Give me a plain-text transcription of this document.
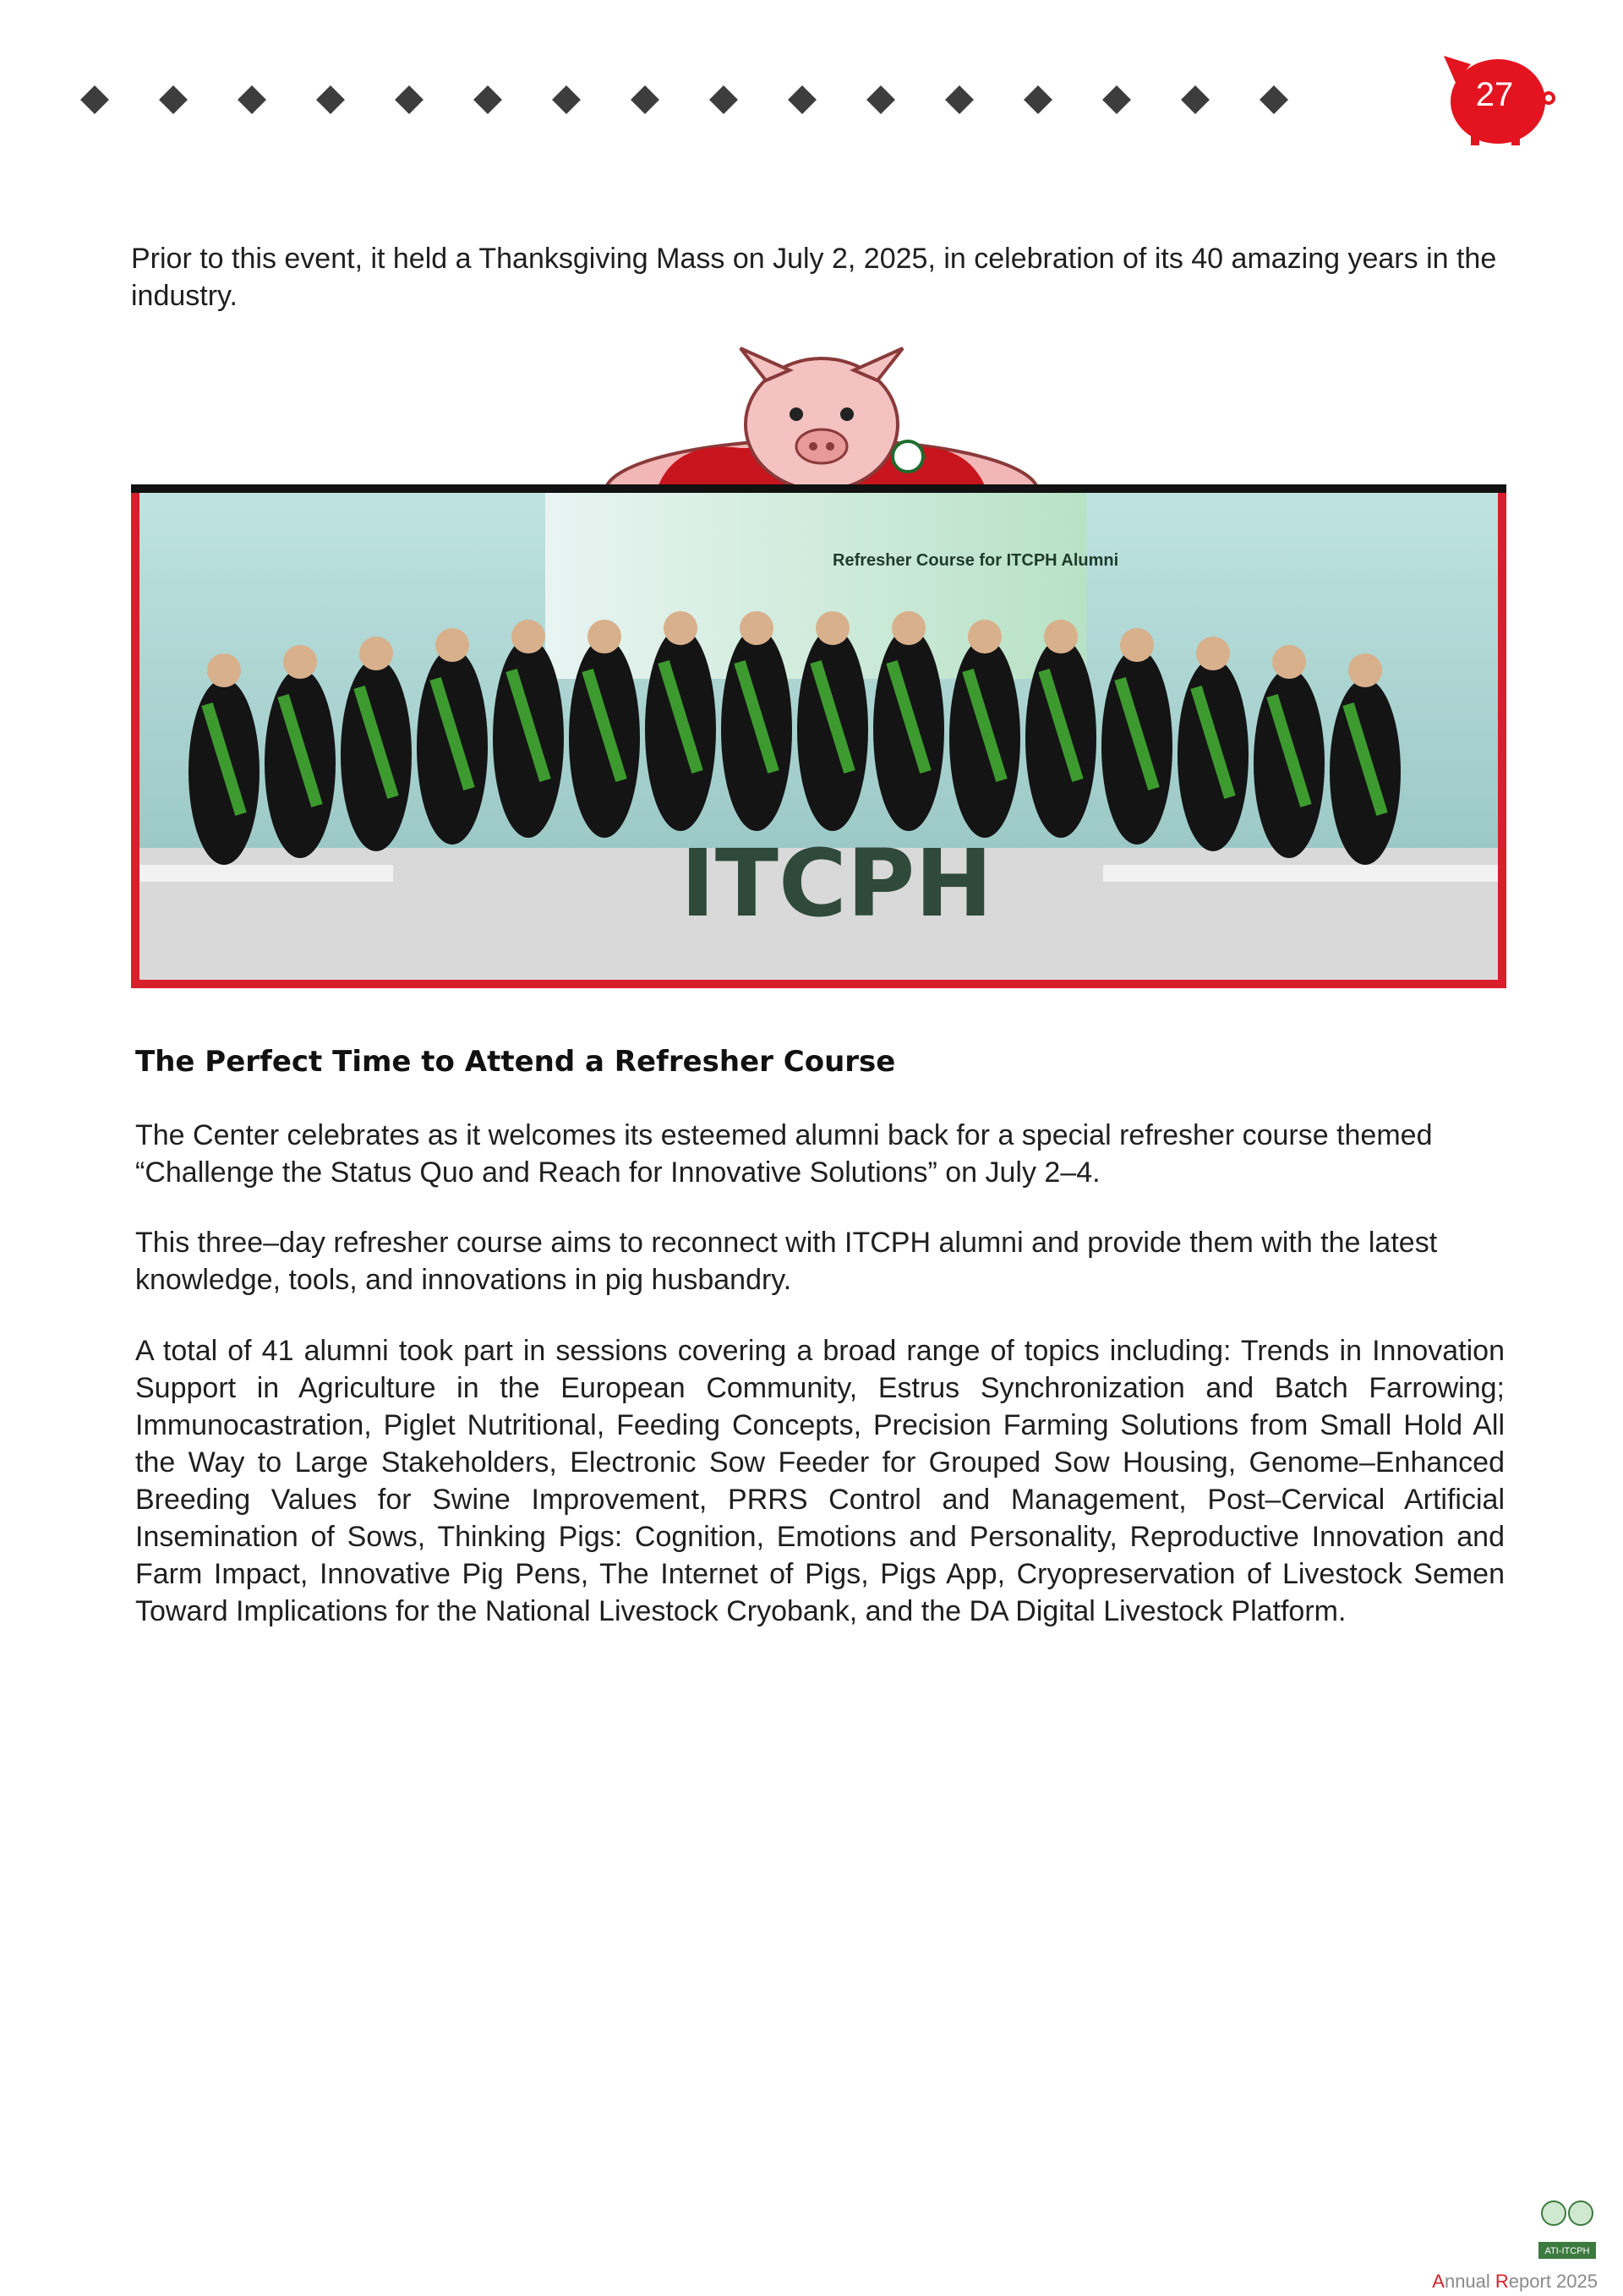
27
Prior to this event, it held a Thanksgiving Mass on July 2, 2025, in celebration of its 40 amazing years in the industry.
Refresher Course for ITCPH Alumni
ITCPH
The Perfect Time to Attend a Refresher Course
The Center celebrates as it welcomes its esteemed alumni back for a special refresher course themed “Challenge the Status Quo and Reach for Innovative Solutions” on July 2–4.
This three–day refresher course aims to reconnect with ITCPH alumni and provide them with the latest knowledge, tools, and innovations in pig husbandry.
A total of 41 alumni took part in sessions covering a broad range of topics including: Trends in Innovation Support in Agriculture in the European Community, Estrus Synchronization and Batch Farrowing; Immunocastration, Piglet Nutritional, Feeding Concepts, Precision Farming Solutions from Small Hold All the Way to Large Stakeholders, Electronic Sow Feeder for Grouped Sow Housing, Genome–Enhanced Breeding Values for Swine Improvement, PRRS Control and Management, Post–Cervical Artificial Insemination of Sows, Thinking Pigs: Cognition, Emotions and Personality, Reproductive Innovation and Farm Impact, Innovative Pig Pens, The Internet of Pigs, Pigs App, Cryopreservation of Livestock Semen Toward Implications for the National Livestock Cryobank, and the DA Digital Livestock Platform.
ATI-ITCPH
Annual Report 2025
